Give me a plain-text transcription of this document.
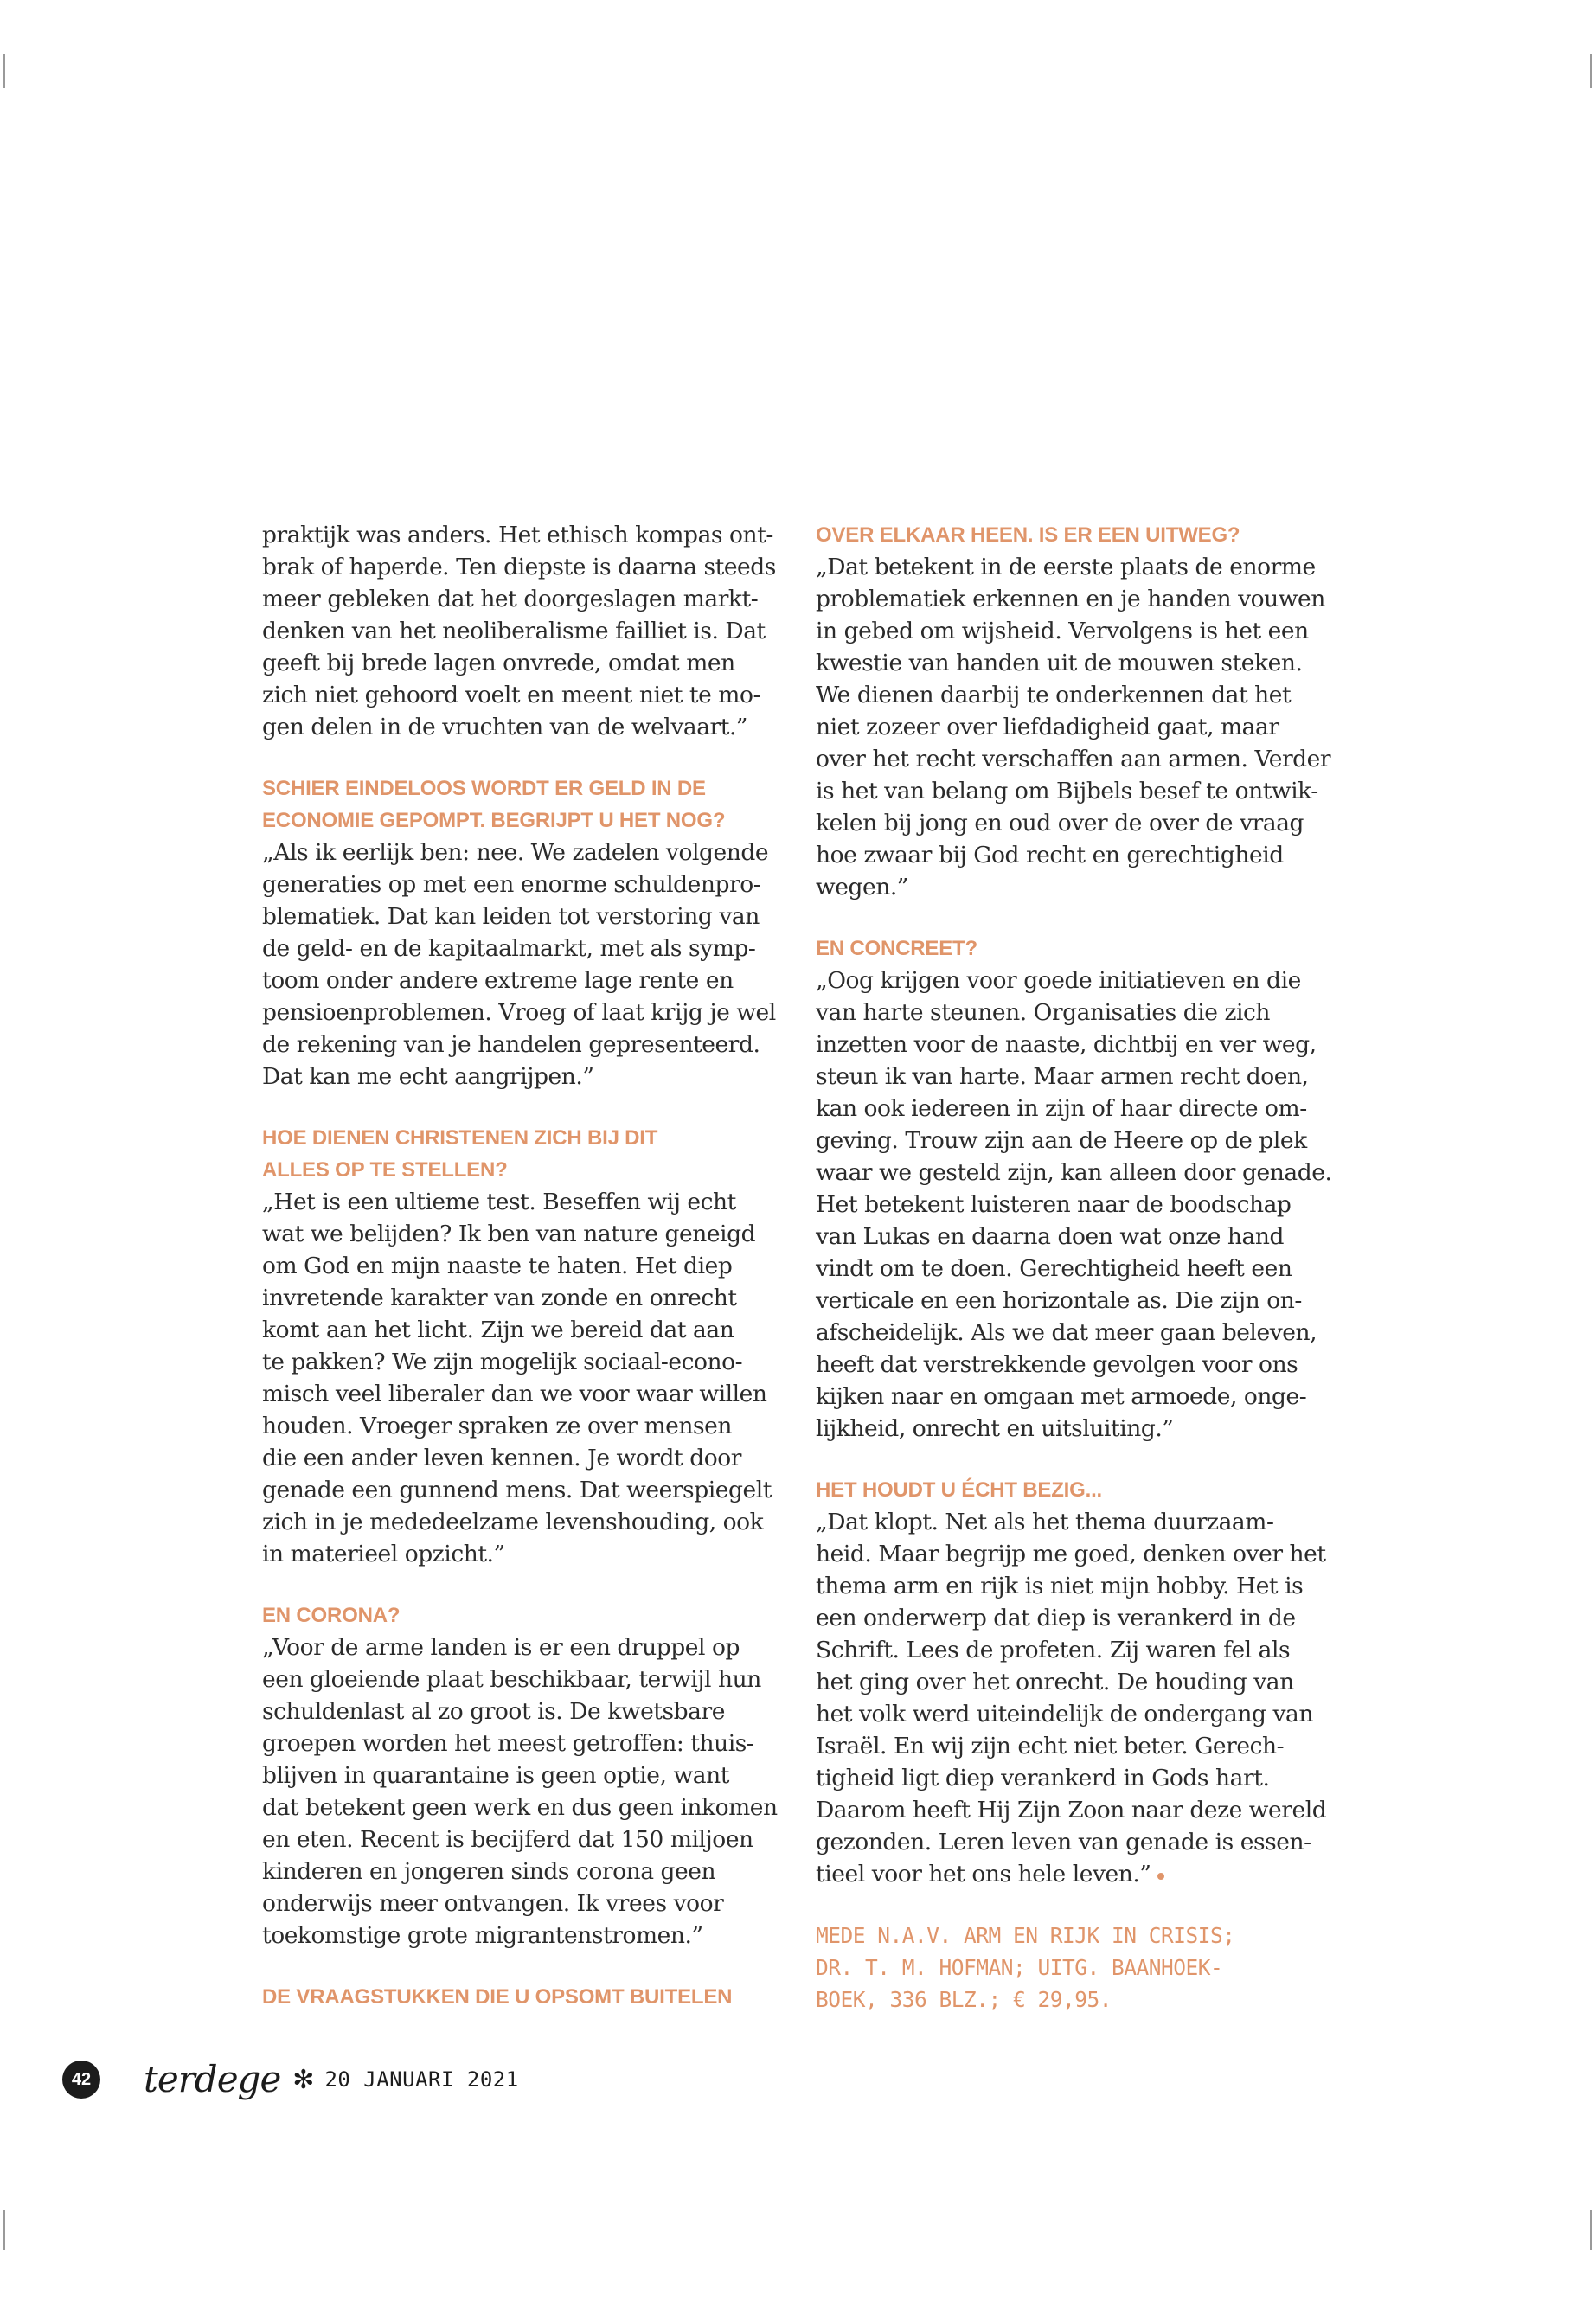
praktijk was anders. Het ethisch kompas ont-
brak of haperde. Ten diepste is daarna steeds
meer gebleken dat het doorgeslagen markt-
denken van het neoliberalisme failliet is. Dat
geeft bij brede lagen onvrede, omdat men
zich niet gehoord voelt en meent niet te mo-
gen delen in de vruchten van de welvaart.”

SCHIER EINDELOOS WORDT ER GELD IN DE
ECONOMIE GEPOMPT. BEGRIJPT U HET NOG?

„Als ik eerlijk ben: nee. We zadelen volgende
generaties op met een enorme schuldenpro-
blematiek. Dat kan leiden tot verstoring van
de geld- en de kapitaalmarkt, met als symp-
toom onder andere extreme lage rente en
pensioenproblemen. Vroeg of laat krijg je wel
de rekening van je handelen gepresenteerd.
Dat kan me echt aangrijpen.”

HOE DIENEN CHRISTENEN ZICH BIJ DIT
ALLES OP TE STELLEN?

„Het is een ultieme test. Beseffen wij echt
wat we belijden? Ik ben van nature geneigd
om God en mijn naaste te haten. Het diep
invretende karakter van zonde en onrecht
komt aan het licht. Zijn we bereid dat aan
te pakken? We zijn mogelijk sociaal-econo-
misch veel liberaler dan we voor waar willen
houden. Vroeger spraken ze over mensen
die een ander leven kennen. Je wordt door
genade een gunnend mens. Dat weerspiegelt
zich in je mededeelzame levenshouding, ook
in materieel opzicht.”

EN CORONA?

„Voor de arme landen is er een druppel op
een gloeiende plaat beschikbaar, terwijl hun
schuldenlast al zo groot is. De kwetsbare
groepen worden het meest getroffen: thuis-
blijven in quarantaine is geen optie, want
dat betekent geen werk en dus geen inkomen
en eten. Recent is becijferd dat 150 miljoen
kinderen en jongeren sinds corona geen
onderwijs meer ontvangen. Ik vrees voor
toekomstige grote migrantenstromen.”

DE VRAAGSTUKKEN DIE U OPSOMT BUITELEN

OVER ELKAAR HEEN. IS ER EEN UITWEG?

„Dat betekent in de eerste plaats de enorme
problematiek erkennen en je handen vouwen
in gebed om wijsheid. Vervolgens is het een
kwestie van handen uit de mouwen steken.
We dienen daarbij te onderkennen dat het
niet zozeer over liefdadigheid gaat, maar
over het recht verschaffen aan armen. Verder
is het van belang om Bijbels besef te ontwik-
kelen bij jong en oud over de over de vraag
hoe zwaar bij God recht en gerechtigheid
wegen.”

EN CONCREET?

„Oog krijgen voor goede initiatieven en die
van harte steunen. Organisaties die zich
inzetten voor de naaste, dichtbij en ver weg,
steun ik van harte. Maar armen recht doen,
kan ook iedereen in zijn of haar directe om-
geving. Trouw zijn aan de Heere op de plek
waar we gesteld zijn, kan alleen door genade.
Het betekent luisteren naar de boodschap
van Lukas en daarna doen wat onze hand
vindt om te doen. Gerechtigheid heeft een
verticale en een horizontale as. Die zijn on-
afscheidelijk. Als we dat meer gaan beleven,
heeft dat verstrekkende gevolgen voor ons
kijken naar en omgaan met armoede, onge-
lijkheid, onrecht en uitsluiting.”

HET HOUDT U ÉCHT BEZIG...

„Dat klopt. Net als het thema duurzaam-
heid. Maar begrijp me goed, denken over het
thema arm en rijk is niet mijn hobby. Het is
een onderwerp dat diep is verankerd in de
Schrift. Lees de profeten. Zij waren fel als
het ging over het onrecht. De houding van
het volk werd uiteindelijk de ondergang van
Israël. En wij zijn echt niet beter. Gerech-
tigheid ligt diep verankerd in Gods hart.
Daarom heeft Hij Zijn Zoon naar deze wereld
gezonden. Leren leven van genade is essen-
tieel voor het ons hele leven.”

MEDE N.A.V. ARM EN RIJK IN CRISIS;
DR. T. M. HOFMAN; UITG. BAANHOEK-
BOEK, 336 BLZ.; € 29,95.

42 terdege ✻ 20 JANUARI 2021
